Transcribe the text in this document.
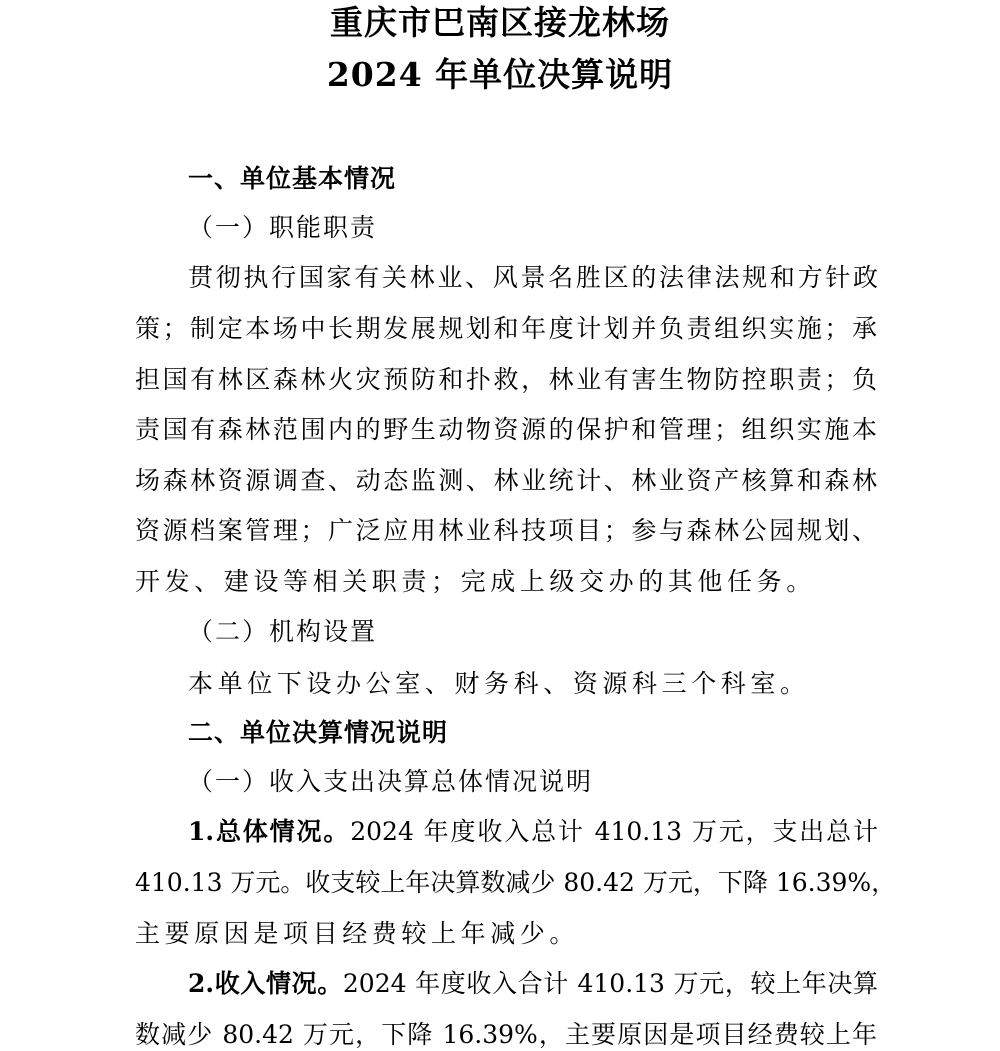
重庆市巴南区接龙林场
2024 年单位决算说明
一、单位基本情况
（一）职能职责
贯彻执行国家有关林业、风景名胜区的法律法规和方针政
策；制定本场中长期发展规划和年度计划并负责组织实施；承
担国有林区森林火灾预防和扑救，林业有害生物防控职责；负
责国有森林范围内的野生动物资源的保护和管理；组织实施本
场森林资源调查、动态监测、林业统计、林业资产核算和森林
资源档案管理；广泛应用林业科技项目；参与森林公园规划、
开发、建设等相关职责；完成上级交办的其他任务。
（二）机构设置
本单位下设办公室、财务科、资源科三个科室。
二、单位决算情况说明
（一）收入支出决算总体情况说明
1.总体情况。2024 年度收入总计 410.13 万元，支出总计
410.13 万元。收支较上年决算数减少 80.42 万元，下降 16.39%，
主要原因是项目经费较上年减少。
2.收入情况。2024 年度收入合计 410.13 万元，较上年决算
数减少 80.42 万元，下降 16.39%，主要原因是项目经费较上年
